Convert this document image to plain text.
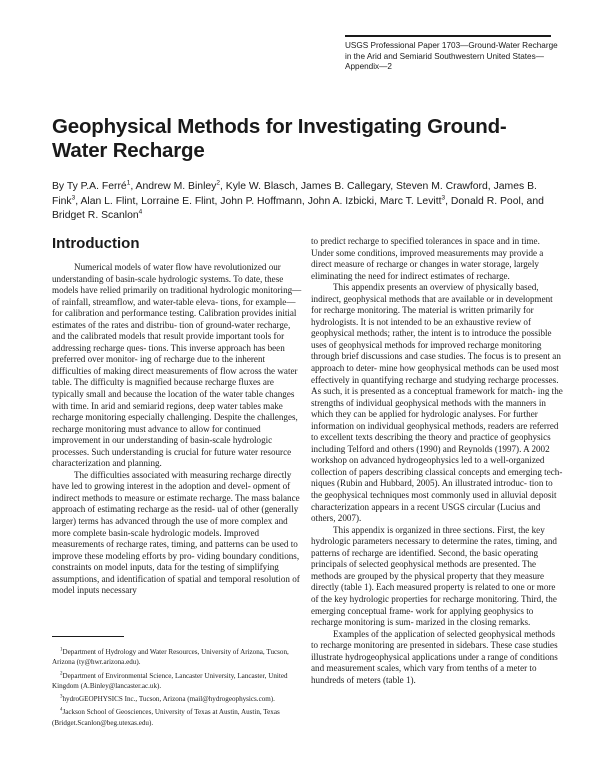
USGS Professional Paper 1703—Ground-Water Recharge
in the Arid and Semiarid Southwestern United States—
Appendix—2
Geophysical Methods for Investigating Ground-
Water Recharge

By Ty P.A. Ferré$^1$, Andrew M. Binley$^2$, Kyle W. Blasch, James B. Callegary, Steven M. Crawford, James B. Fink$^3$, Alan L. Flint, Lorraine E. Flint, John P. Hoffmann, John A. Izbicki, Marc T. Levitt$^3$, Donald R. Pool, and Bridget R. Scanlon$^4$

Introduction

Numerical models of water flow have revolutionized our understanding of basin-scale hydrologic systems. To date, these models have relied primarily on traditional hydrologic monitoring—of rainfall, streamflow, and water-table eleva- tions, for example—for calibration and performance testing. Calibration provides initial estimates of the rates and distribu- tion of ground-water recharge, and the calibrated models that result provide important tools for addressing recharge ques- tions. This inverse approach has been preferred over monitor- ing of recharge due to the inherent difficulties of making direct measurements of flow across the water table. The difficulty is magnified because recharge fluxes are typically small and because the location of the water table changes with time. In arid and semiarid regions, deep water tables make recharge monitoring especially challenging. Despite the challenges, recharge monitoring must advance to allow for continued improvement in our understanding of basin-scale hydrologic processes. Such understanding is crucial for future water resource characterization and planning.

The difficulties associated with measuring recharge directly have led to growing interest in the adoption and devel- opment of indirect methods to measure or estimate recharge. The mass balance approach of estimating recharge as the resid- ual of other (generally larger) terms has advanced through the use of more complex and more complete basin-scale hydrologic models. Improved measurements of recharge rates, timing, and patterns can be used to improve these modeling efforts by pro- viding boundary conditions, constraints on model inputs, data for the testing of simplifying assumptions, and identification of spatial and temporal resolution of model inputs necessary

to predict recharge to specified tolerances in space and in time. Under some conditions, improved measurements may provide a direct measure of recharge or changes in water storage, largely eliminating the need for indirect estimates of recharge.

This appendix presents an overview of physically based, indirect, geophysical methods that are available or in development for recharge monitoring. The material is written primarily for hydrologists. It is not intended to be an exhaustive review of geophysical methods; rather, the intent is to introduce the possible uses of geophysical methods for improved recharge monitoring through brief discussions and case studies. The focus is to present an approach to deter- mine how geophysical methods can be used most effectively in quantifying recharge and studying recharge processes. As such, it is presented as a conceptual framework for match- ing the strengths of individual geophysical methods with the manners in which they can be applied for hydrologic analyses. For further information on individual geophysical methods, readers are referred to excellent texts describing the theory and practice of geophysics including Telford and others (1990) and Reynolds (1997). A 2002 workshop on advanced hydrogeophysics led to a well-organized collection of papers describing classical concepts and emerging tech- niques (Rubin and Hubbard, 2005). An illustrated introduc- tion to the geophysical techniques most commonly used in alluvial deposit characterization appears in a recent USGS circular (Lucius and others, 2007).

This appendix is organized in three sections. First, the key hydrologic parameters necessary to determine the rates, timing, and patterns of recharge are identified. Second, the basic operating principals of selected geophysical methods are presented. The methods are grouped by the physical property that they measure directly (table 1). Each measured property is related to one or more of the key hydrologic properties for recharge monitoring. Third, the emerging conceptual frame- work for applying geophysics to recharge monitoring is sum- marized in the closing remarks.

Examples of the application of selected geophysical methods to recharge monitoring are presented in sidebars. These case studies illustrate hydrogeophysical applications under a range of conditions and measurement scales, which vary from tenths of a meter to hundreds of meters (table 1).

$^1$Department of Hydrology and Water Resources, University of Arizona, Tucson, Arizona (ty@hwr.arizona.edu).

$^2$Department of Environmental Science, Lancaster University, Lancaster, United Kingdom (A.Binley@lancaster.ac.uk).

$^3$hydroGEOPHYSICS Inc., Tucson, Arizona (mail@hydrogeophysics.com).

$^4$Jackson School of Geosciences, University of Texas at Austin, Austin, Texas (Bridget.Scanlon@beg.utexas.edu).
